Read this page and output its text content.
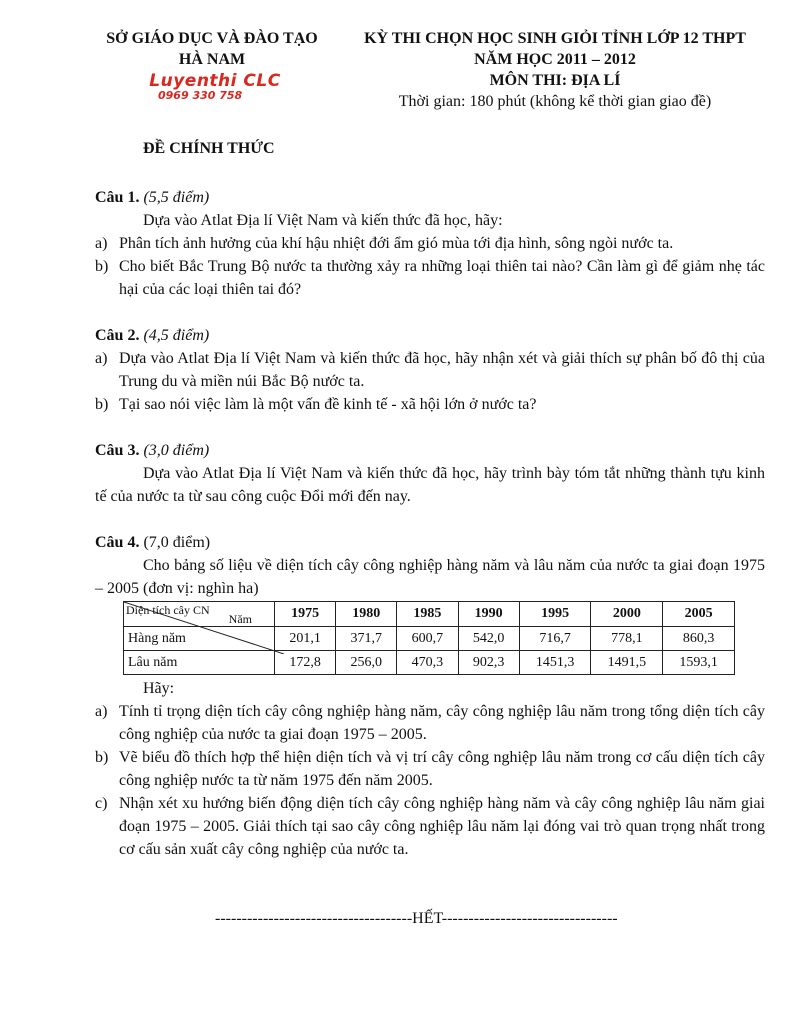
SỞ GIÁO DỤC VÀ ĐÀO TẠO
HÀ NAM
Luyenthi CLC
0969 330 758
KỲ THI CHỌN HỌC SINH GIỎI TỈNH LỚP 12 THPT
NĂM HỌC 2011 – 2012
MÔN THI: ĐỊA LÍ
Thời gian: 180 phút (không kể thời gian giao đề)
ĐỀ CHÍNH THỨC

Câu 1. (5,5 điểm)

Dựa vào Atlat Địa lí Việt Nam và kiến thức đã học, hãy:

a) Phân tích ảnh hưởng của khí hậu nhiệt đới ẩm gió mùa tới địa hình, sông ngòi nước ta.
b) Cho biết Bắc Trung Bộ nước ta thường xảy ra những loại thiên tai nào? Cần làm gì để giảm nhẹ tác hại của các loại thiên tai đó?

Câu 2. (4,5 điểm)

a) Dựa vào Atlat Địa lí Việt Nam và kiến thức đã học, hãy nhận xét và giải thích sự phân bố đô thị của Trung du và miền núi Bắc Bộ nước ta.
b) Tại sao nói việc làm là một vấn đề kinh tế - xã hội lớn ở nước ta?

Câu 3. (3,0 điểm)

Dựa vào Atlat Địa lí Việt Nam và kiến thức đã học, hãy trình bày tóm tắt những thành tựu kinh tế của nước ta từ sau công cuộc Đổi mới đến nay.

Câu 4. (7,0 điểm)

Cho bảng số liệu về diện tích cây công nghiệp hàng năm và lâu năm của nước ta giai đoạn 1975 – 2005 (đơn vị: nghìn ha)

Năm
Diện tích cây CN	1975	1980	1985	1990	1995	2000	2005
Hàng năm	201,1	371,7	600,7	542,0	716,7	778,1	860,3
Lâu năm	172,8	256,0	470,3	902,3	1451,3	1491,5	1593,1

Hãy:

a) Tính tỉ trọng diện tích cây công nghiệp hàng năm, cây công nghiệp lâu năm trong tổng diện tích cây công nghiệp của nước ta giai đoạn 1975 – 2005.
b) Vẽ biểu đồ thích hợp thể hiện diện tích và vị trí cây công nghiệp lâu năm trong cơ cấu diện tích cây công nghiệp nước ta từ năm 1975 đến năm 2005.
c) Nhận xét xu hướng biến động diện tích cây công nghiệp hàng năm và cây công nghiệp lâu năm giai đoạn 1975 – 2005. Giải thích tại sao cây công nghiệp lâu năm lại đóng vai trò quan trọng nhất trong cơ cấu sản xuất cây công nghiệp của nước ta.
-------------------------------------HẾT---------------------------------
